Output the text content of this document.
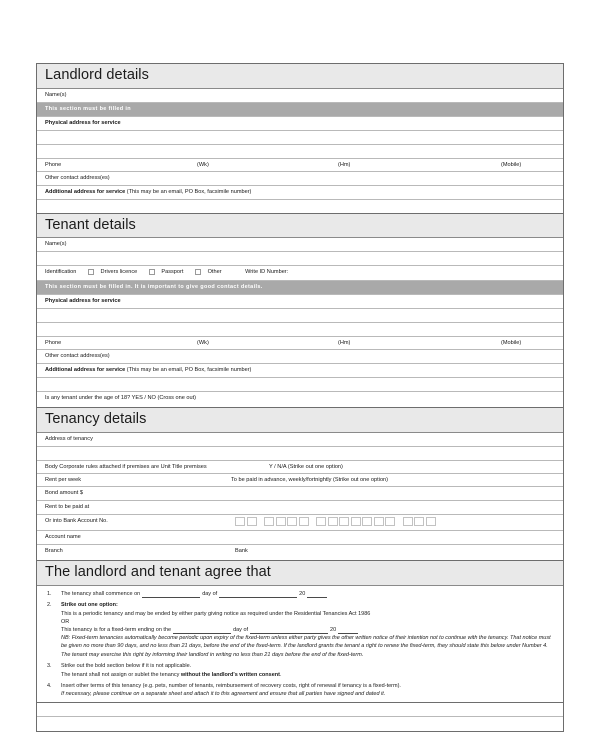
Landlord details
Name(s)
This section must be filled in
Physical address for service
Phone	(Wk)	(Hm)	(Mobile)
Other contact address(es)
Additional address for service (This may be an email, PO Box, facsimile number)
Tenant details
Name(s)
Identification	Drivers licence	Passport	Other	Write ID Number:
This section must be filled in. It is important to give good contact details.
Physical address for service
Phone	(Wk)	(Hm)	(Mobile)
Other contact address(es)
Additional address for service (This may be an email, PO Box, facsimile number)
Is any tenant under the age of 18? YES / NO (Cross one out)
Tenancy details
Address of tenancy
Body Corporate rules attached if premises are Unit Title premises	Y / N/A (Strike out one option)
Rent per week	To be paid in advance, weekly/fortnightly (Strike out one option)
Bond amount $
Rent to be paid at
Or into Bank Account No.
Account name
Branch	Bank
The landlord and tenant agree that
1. The tenancy shall commence on	day of	20
2. Strike out one option:
This is a periodic tenancy and may be ended by either party giving notice as required under the Residential Tenancies Act 1986
OR
This tenancy is for a fixed-term ending on the	day of	20
NB: Fixed-term tenancies automatically become periodic upon expiry of the fixed-term unless either party gives the other written notice of their intention not to continue with the tenancy. That notice must be given no more than 90 days, and no less than 21 days, before the end of the fixed-term. If the landlord grants the tenant a right to renew the fixed-term, they should state this below under Number 4. The tenant may exercise this right by informing their landlord in writing no less than 21 days before the end of the fixed-term.
3. Strike out the bold section below if it is not applicable.
The tenant shall not assign or sublet the tenancy without the landlord's written consent.
4. Insert other terms of this tenancy (e.g. pets, number of tenants, reimbursement of recovery costs, right of renewal if tenancy is a fixed-term).
If necessary, please continue on a separate sheet and attach it to this agreement and ensure that all parties have signed and dated it.
